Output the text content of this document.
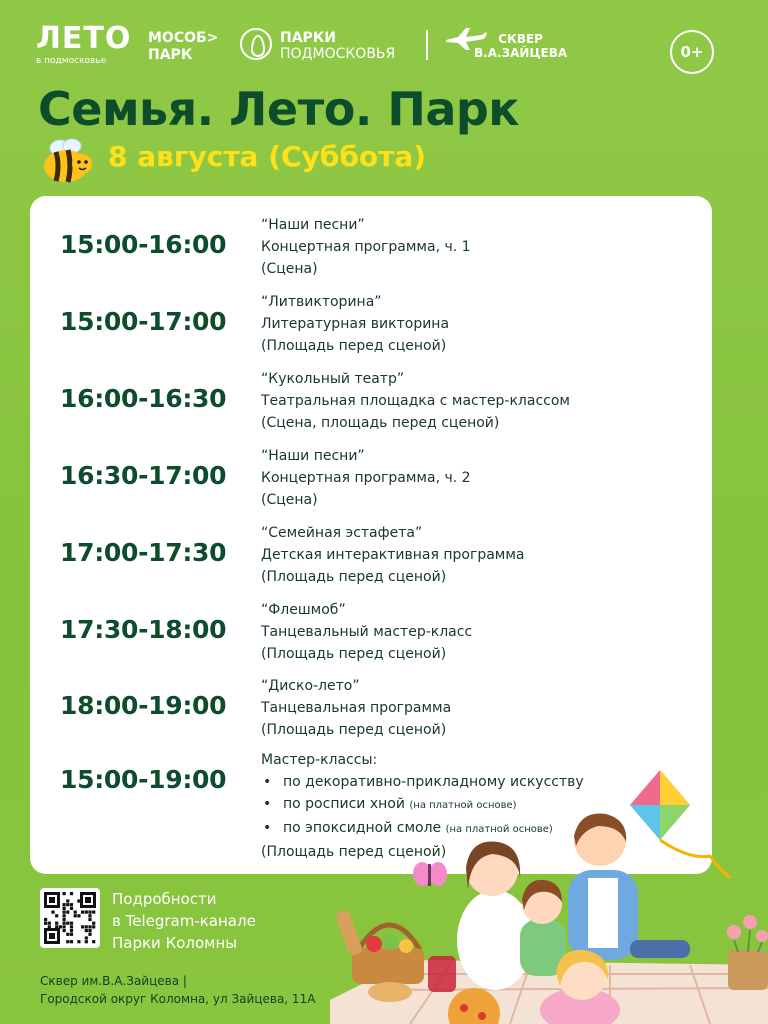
ЛЕТО
в подмосковье
МОСОБ>
ПАРК
ПАРКИ
ПОДМОСКОВЬЯ
СКВЕР
В.А.ЗАЙЦЕВА	0+
Семья. Лето. Парк
8 августа (Суббота)
15:00-16:00
“Наши песни”
Концертная программа, ч. 1
(Сцена)
15:00-17:00
“Литвикторина”
Литературная викторина
(Площадь перед сценой)
16:00-16:30
“Кукольный театр”
Театральная площадка с мастер-классом
(Сцена, площадь перед сценой)
16:30-17:00
“Наши песни”
Концертная программа, ч. 2
(Сцена)
17:00-17:30
“Семейная эстафета”
Детская интерактивная программа
(Площадь перед сценой)
17:30-18:00
“Флешмоб”
Танцевальный мастер-класс
(Площадь перед сценой)
18:00-19:00
“Диско-лето”
Танцевальная программа
(Площадь перед сценой)
15:00-19:00
Мастер-классы:
• по декоративно-прикладному искусству
• по росписи хной (на платной основе)
• по эпоксидной смоле (на платной основе)
(Площадь перед сценой)
Подробности
в Telegram-канале
Парки Коломны
Сквер им.В.А.Зайцева |
Городской округ Коломна, ул Зайцева, 11А
